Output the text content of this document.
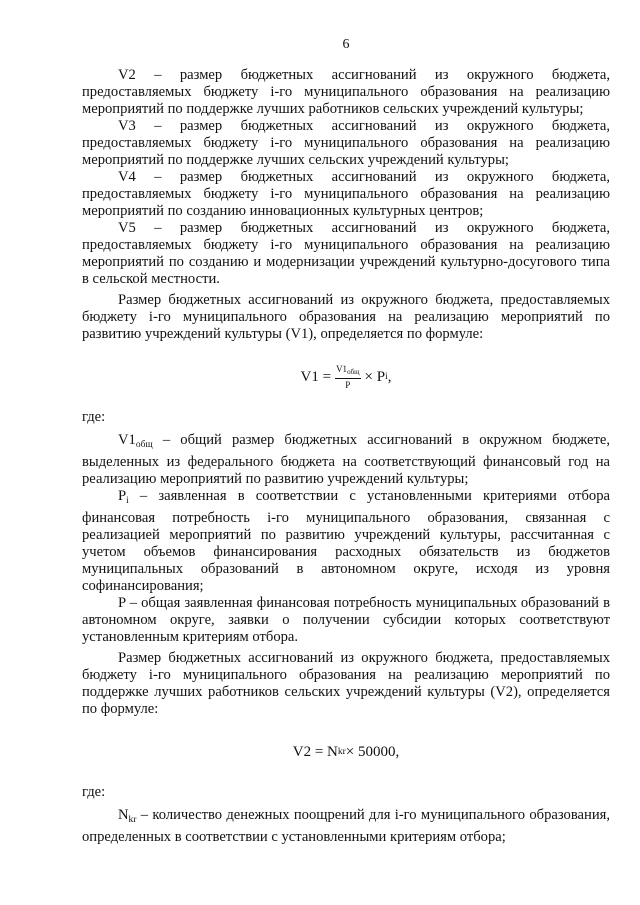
6

V2 – размер бюджетных ассигнований из окружного бюджета, предоставляемых бюджету i-го муниципального образования на реализацию мероприятий по поддержке лучших работников сельских учреждений культуры;

V3 – размер бюджетных ассигнований из окружного бюджета, предоставляемых бюджету i-го муниципального образования на реализацию мероприятий по поддержке лучших сельских учреждений культуры;

V4 – размер бюджетных ассигнований из окружного бюджета, предоставляемых бюджету i-го муниципального образования на реализацию мероприятий по созданию инновационных культурных центров;

V5 – размер бюджетных ассигнований из окружного бюджета, предоставляемых бюджету i-го муниципального образования на реализацию мероприятий по созданию и модернизации учреждений культурно-досугового типа в сельской местности.

Размер бюджетных ассигнований из окружного бюджета, предоставляемых бюджету i-го муниципального образования на реализацию мероприятий по развитию учреждений культуры (V1), определяется по формуле:

$V1 = \frac{V1_{общ}}{P} \times P$ i ,

где:

$V1_{общ}$ – общий размер бюджетных ассигнований в окружном бюджете, выделенных из федерального бюджета на соответствующий финансовый год на реализацию мероприятий по развитию учреждений культуры;

$P_i$ – заявленная в соответствии с установленными критериями отбора финансовая потребность i-го муниципального образования, связанная с реализацией мероприятий по развитию учреждений культуры, рассчитанная с учетом объемов финансирования расходных обязательств из бюджетов муниципальных образований в автономном округе, исходя из уровня софинансирования;

P – общая заявленная финансовая потребность муниципальных образований в автономном округе, заявки о получении субсидии которых соответствуют установленным критериям отбора.

Размер бюджетных ассигнований из окружного бюджета, предоставляемых бюджету i-го муниципального образования на реализацию мероприятий по поддержке лучших работников сельских учреждений культуры (V2), определяется по формуле:

V2 = N kr × 50000,

где:

$N_{kr}$ – количество денежных поощрений для i-го муниципального образования, определенных в соответствии с установленными критериям отбора;
